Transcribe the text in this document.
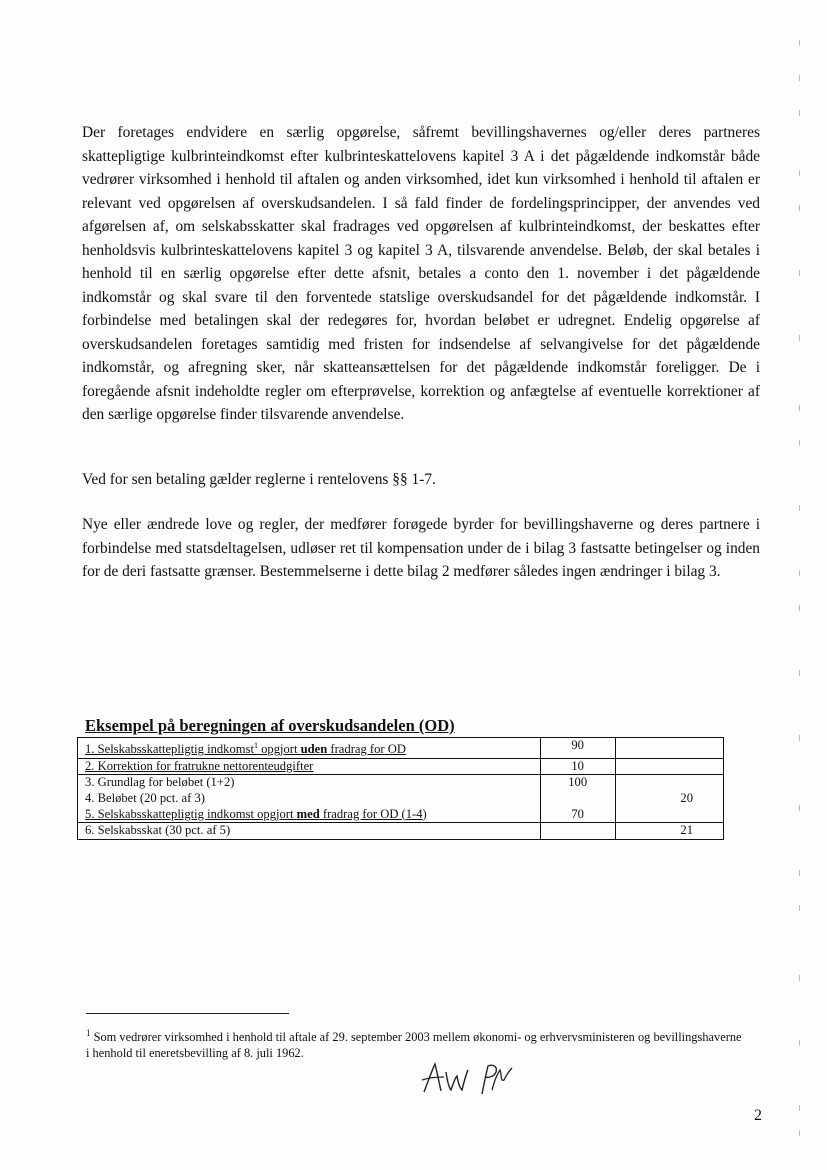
Der foretages endvidere en særlig opgørelse, såfremt bevillingshavernes og/eller deres partneres skattepligtige kulbrinteindkomst efter kulbrinteskattelovens kapitel 3 A i det pågældende indkomstår både vedrører virksomhed i henhold til aftalen og anden virksomhed, idet kun virksomhed i henhold til aftalen er relevant ved opgørelsen af overskudsandelen. I så fald finder de fordelingsprincipper, der anvendes ved afgørelsen af, om selskabsskatter skal fradrages ved opgørelsen af kulbrinteindkomst, der beskattes efter henholdsvis kulbrinteskattelovens kapitel 3 og kapitel 3 A, tilsvarende anvendelse. Beløb, der skal betales i henhold til en særlig opgørelse efter dette afsnit, betales a conto den 1. november i det pågældende indkomstår og skal svare til den forventede statslige overskudsandel for det pågældende indkomstår. I forbindelse med betalingen skal der redegøres for, hvordan beløbet er udregnet. Endelig opgørelse af overskudsandelen foretages samtidig med fristen for indsendelse af selvangivelse for det pågældende indkomstår, og afregning sker, når skatteansættelsen for det pågældende indkomstår foreligger. De i foregående afsnit indeholdte regler om efterprøvelse, korrektion og anfægtelse af eventuelle korrektioner af den særlige opgørelse finder tilsvarende anvendelse.

Ved for sen betaling gælder reglerne i rentelovens §§ 1-7.

Nye eller ændrede love og regler, der medfører forøgede byrder for bevillingshaverne og deres partnere i forbindelse med statsdeltagelsen, udløser ret til kompensation under de i bilag 3 fastsatte betingelser og inden for de deri fastsatte grænser. Bestemmelserne i dette bilag 2 medfører således ingen ændringer i bilag 3.

Eksempel på beregningen af overskudsandelen (OD)

1. Selskabsskattepligtig indkomst$^1$ opgjort uden fradrag for OD	90	
2. Korrektion for fratrukne nettorenteudgifter	10	
3. Grundlag for beløbet (1+2)	100	
4. Beløbet (20 pct. af 3)		20
5. Selskabsskattepligtig indkomst opgjort med fradrag for OD (1-4)	70	
6. Selskabsskat (30 pct. af 5)		21

$^1$ Som vedrører virksomhed i henhold til aftale af 29. september 2003 mellem økonomi- og erhvervsministeren og bevillingshaverne i henhold til eneretsbevilling af 8. juli 1962.

2
